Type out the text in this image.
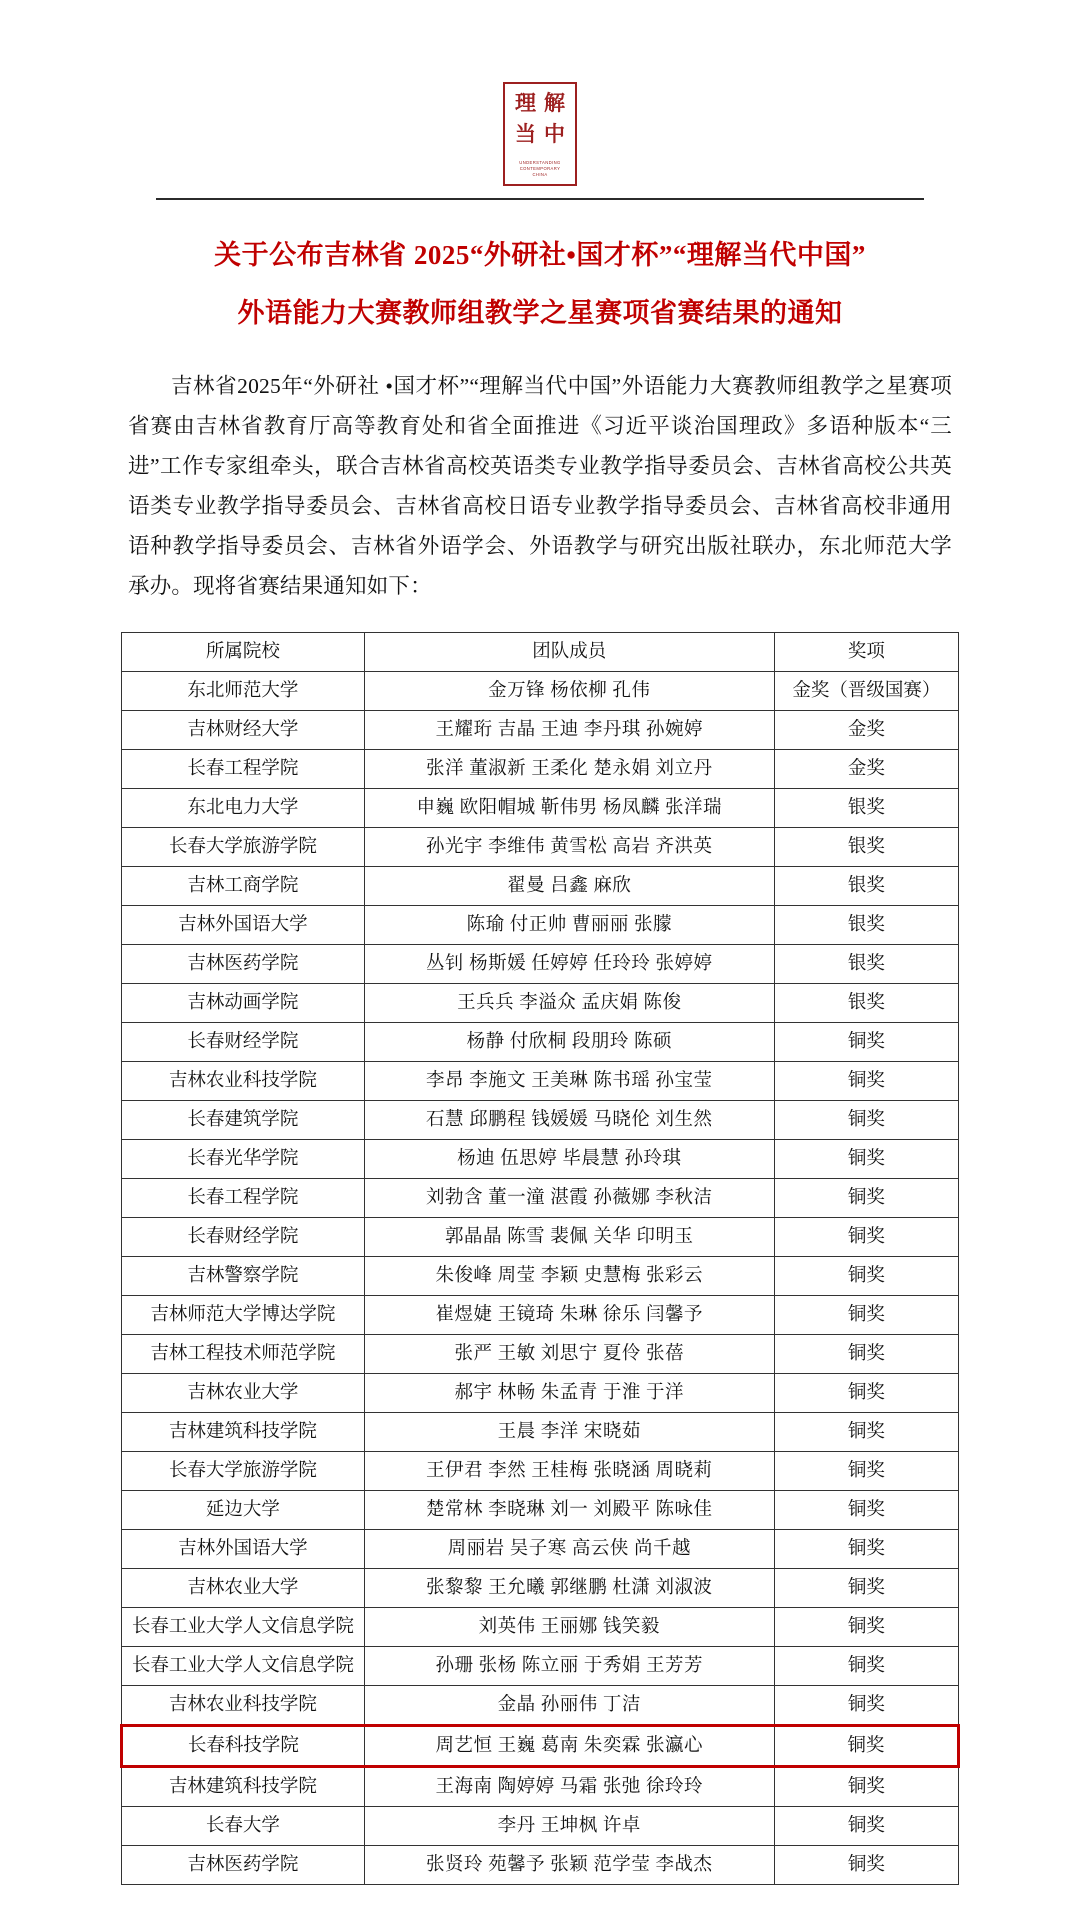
理 解
当 中
UNDERSTANDING CONTEMPORARY
CHINA
关于公布吉林省 2025“外研社•国才杯”“理解当代中国”
外语能力大赛教师组教学之星赛项省赛结果的通知

吉林省2025年“外研社 •国才杯”“理解当代中国”外语能力大赛教师组教学之星赛项省赛由吉林省教育厅高等教育处和省全面推进《习近平谈治国理政》多语种版本“三进”工作专家组牵头，联合吉林省高校英语类专业教学指导委员会、吉林省高校公共英语类专业教学指导委员会、吉林省高校日语专业教学指导委员会、吉林省高校非通用语种教学指导委员会、吉林省外语学会、外语教学与研究出版社联办，东北师范大学承办。现将省赛结果通知如下：

所属院校	团队成员	奖项
东北师范大学	金万锋 杨依柳 孔伟	金奖（晋级国赛）
吉林财经大学	王耀珩 吉晶 王迪 李丹琪 孙婉婷	金奖
长春工程学院	张洋 董淑新 王柔化 楚永娟 刘立丹	金奖
东北电力大学	申巍 欧阳帽城 靳伟男 杨凤麟 张洋瑞	银奖
长春大学旅游学院	孙光宇 李维伟 黄雪松 高岩 齐洪英	银奖
吉林工商学院	翟曼 吕鑫 麻欣	银奖
吉林外国语大学	陈瑜 付正帅 曹丽丽 张朦	银奖
吉林医药学院	丛钊 杨斯媛 任婷婷 任玲玲 张婷婷	银奖
吉林动画学院	王兵兵 李溢众 孟庆娟 陈俊	银奖
长春财经学院	杨静 付欣桐 段朋玲 陈硕	铜奖
吉林农业科技学院	李昂 李施文 王美琳 陈书瑶 孙宝莹	铜奖
长春建筑学院	石慧 邱鹏程 钱媛媛 马晓伦 刘生然	铜奖
长春光华学院	杨迪 伍思婷 毕晨慧 孙玲琪	铜奖
长春工程学院	刘勃含 董一潼 湛霞 孙薇娜 李秋洁	铜奖
长春财经学院	郭晶晶 陈雪 裴佩 关华 印明玉	铜奖
吉林警察学院	朱俊峰 周莹 李颖 史慧梅 张彩云	铜奖
吉林师范大学博达学院	崔煜婕 王镜琦 朱琳 徐乐 闫馨予	铜奖
吉林工程技术师范学院	张严 王敏 刘思宁 夏伶 张蓓	铜奖
吉林农业大学	郝宇 林畅 朱孟青 于淮 于洋	铜奖
吉林建筑科技学院	王晨 李洋 宋晓茹	铜奖
长春大学旅游学院	王伊君 李然 王桂梅 张晓涵 周晓莉	铜奖
延边大学	楚常林 李晓琳 刘一 刘殿平 陈咏佳	铜奖
吉林外国语大学	周丽岩 吴子寒 高云侠 尚千越	铜奖
吉林农业大学	张黎黎 王允曦 郭继鹏 杜潇 刘淑波	铜奖
长春工业大学人文信息学院	刘英伟 王丽娜 钱笑毅	铜奖
长春工业大学人文信息学院	孙珊 张杨 陈立丽 于秀娟 王芳芳	铜奖
吉林农业科技学院	金晶 孙丽伟 丁洁	铜奖
长春科技学院	周艺恒 王巍 葛南 朱奕霖 张瀛心	铜奖
吉林建筑科技学院	王海南 陶婷婷 马霜 张弛 徐玲玲	铜奖
长春大学	李丹 王坤枫 许卓	铜奖
吉林医药学院	张贤玲 苑馨予 张颖 范学莹 李战杰	铜奖
